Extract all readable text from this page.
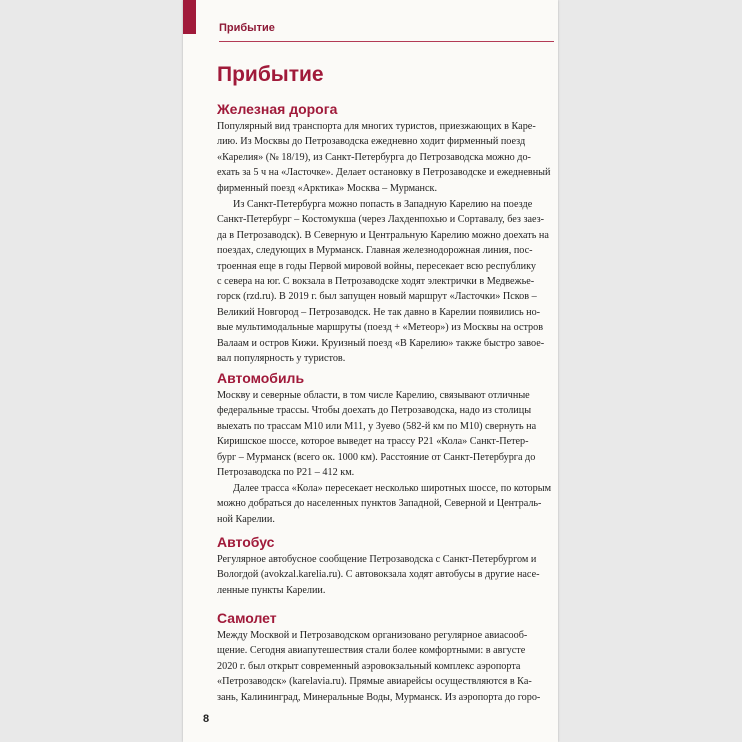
Прибытие
Прибытие
Железная дорога
Популярный вид транспорта для многих туристов, приезжающих в Каре-
лию. Из Москвы до Петрозаводска ежедневно ходит фирменный поезд
«Карелия» (№ 18/19), из Санкт-Петербурга до Петрозаводска можно до-
ехать за 5 ч на «Ласточке». Делает остановку в Петрозаводске и ежедневный
фирменный поезд «Арктика» Москва – Мурманск.
Из Санкт-Петербурга можно попасть в Западную Карелию на поезде
Санкт-Петербург – Костомукша (через Лахденпохью и Сортавалу, без заез-
да в Петрозаводск). В Северную и Центральную Карелию можно доехать на
поездах, следующих в Мурманск. Главная железнодорожная линия, пос-
троенная еще в годы Первой мировой войны, пересекает всю республику
с севера на юг. С вокзала в Петрозаводске ходят электрички в Медвежье-
горск (rzd.ru). В 2019 г. был запущен новый маршрут «Ласточки» Псков –
Великий Новгород – Петрозаводск. Не так давно в Карелии появились но-
вые мультимодальные маршруты (поезд + «Метеор») из Москвы на остров
Валаам и остров Кижи. Круизный поезд «В Карелию» также быстро завое-
вал популярность у туристов.
Автомобиль
Москву и северные области, в том числе Карелию, связывают отличные
федеральные трассы. Чтобы доехать до Петрозаводска, надо из столицы
выехать по трассам М10 или М11, у Зуево (582-й км по М10) свернуть на
Киришское шоссе, которое выведет на трассу Р21 «Кола» Санкт-Петер-
бург – Мурманск (всего ок. 1000 км). Расстояние от Санкт-Петербурга до
Петрозаводска по Р21 – 412 км.
Далее трасса «Кола» пересекает несколько широтных шоссе, по которым
можно добраться до населенных пунктов Западной, Северной и Централь-
ной Карелии.
Автобус
Регулярное автобусное сообщение Петрозаводска с Санкт-Петербургом и
Вологдой (avokzal.karelia.ru). С автовокзала ходят автобусы в другие насе-
ленные пункты Карелии.
Самолет
Между Москвой и Петрозаводском организовано регулярное авиасооб-
щение. Сегодня авиапутешествия стали более комфортными: в августе
2020 г. был открыт современный аэровокзальный комплекс аэропорта
«Петрозаводск» (karelavia.ru). Прямые авиарейсы осуществляются в Ка-
зань, Калининград, Минеральные Воды, Мурманск. Из аэропорта до горо-
8
